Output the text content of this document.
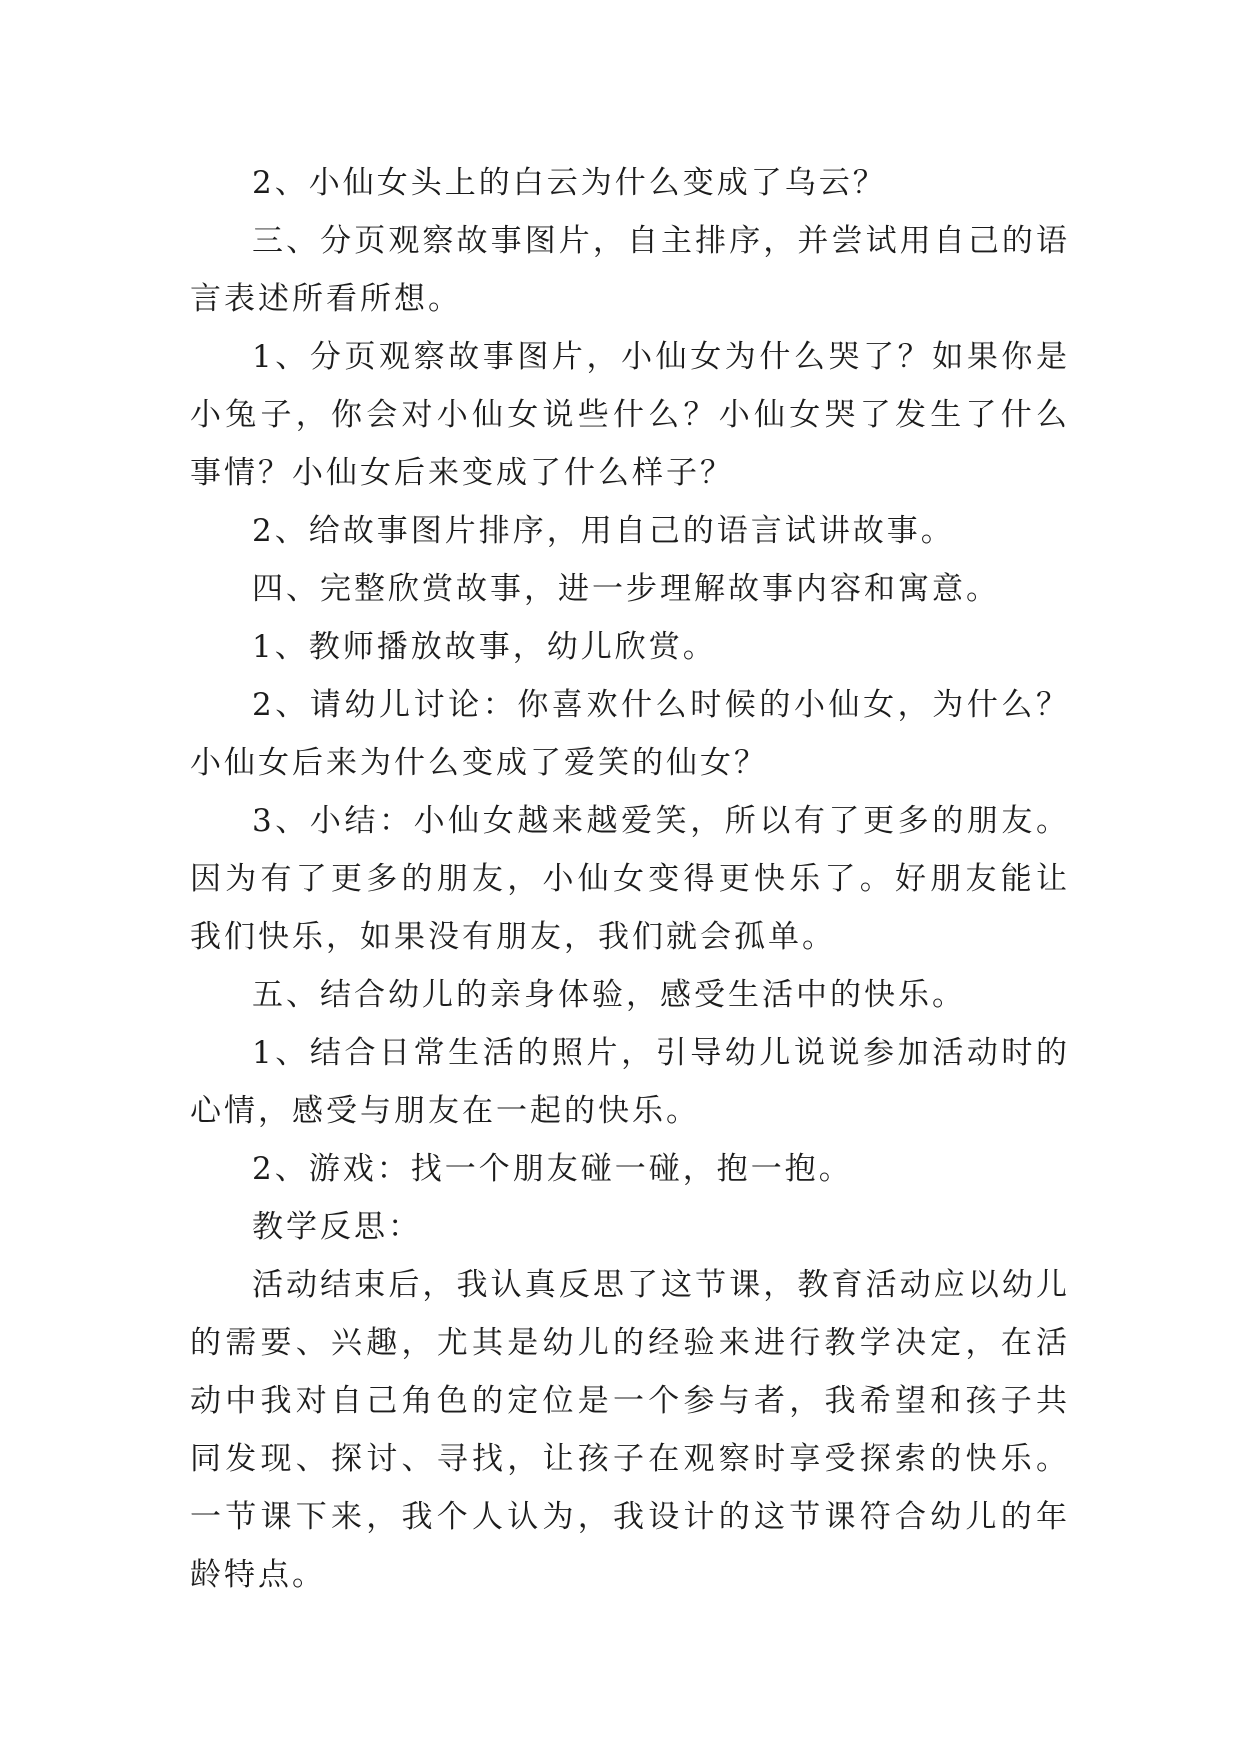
2、小仙女头上的白云为什么变成了乌云？

三、分页观察故事图片，自主排序，并尝试用自己的语言表述所看所想。

1、分页观察故事图片，小仙女为什么哭了？如果你是小兔子，你会对小仙女说些什么？小仙女哭了发生了什么事情？小仙女后来变成了什么样子？

2、给故事图片排序，用自己的语言试讲故事。

四、完整欣赏故事，进一步理解故事内容和寓意。

1、教师播放故事，幼儿欣赏。

2、请幼儿讨论：你喜欢什么时候的小仙女，为什么？小仙女后来为什么变成了爱笑的仙女？

3、小结：小仙女越来越爱笑，所以有了更多的朋友。因为有了更多的朋友，小仙女变得更快乐了。好朋友能让我们快乐，如果没有朋友，我们就会孤单。

五、结合幼儿的亲身体验，感受生活中的快乐。

1、结合日常生活的照片，引导幼儿说说参加活动时的心情，感受与朋友在一起的快乐。

2、游戏：找一个朋友碰一碰，抱一抱。

教学反思：

活动结束后，我认真反思了这节课，教育活动应以幼儿的需要、兴趣，尤其是幼儿的经验来进行教学决定，在活动中我对自己角色的定位是一个参与者，我希望和孩子共同发现、探讨、寻找，让孩子在观察时享受探索的快乐。一节课下来，我个人认为，我设计的这节课符合幼儿的年龄特点。
